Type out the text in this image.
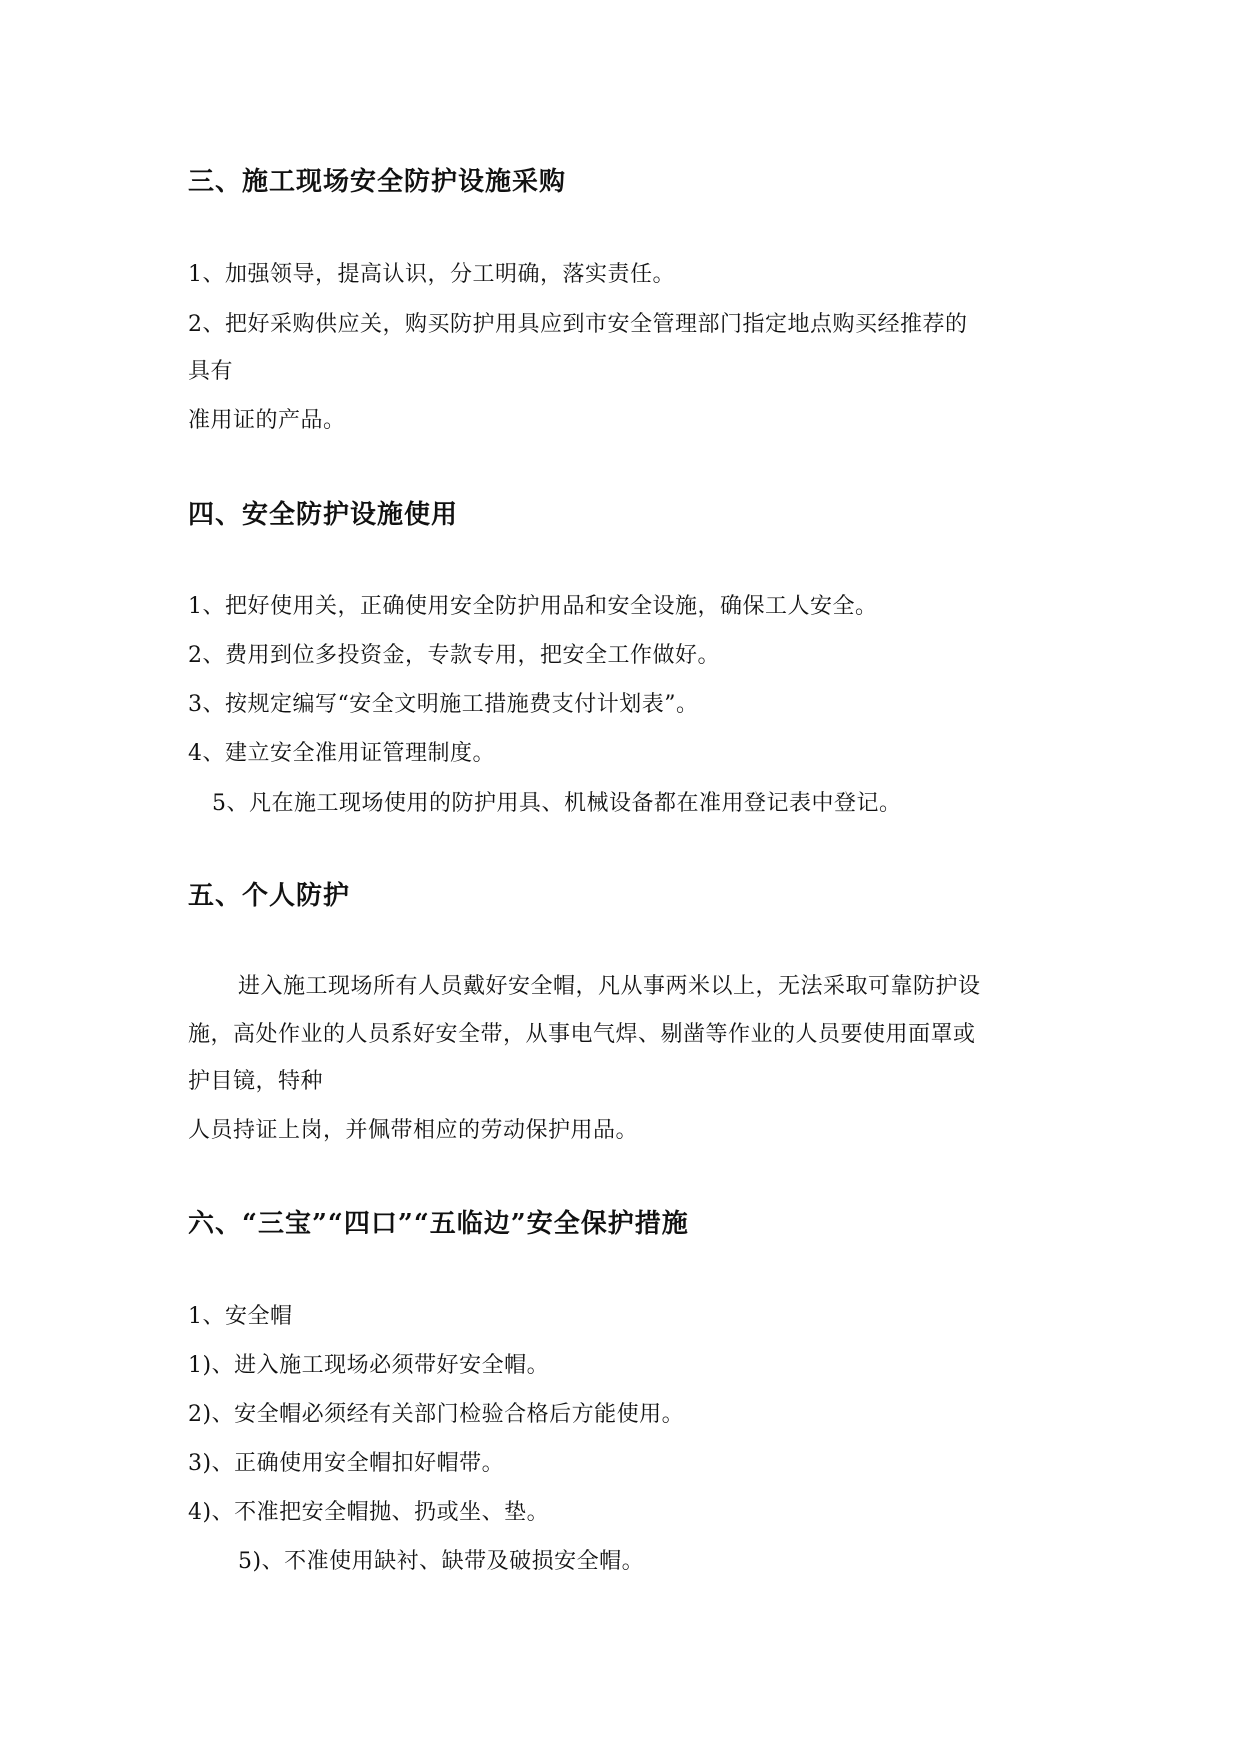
三、施工现场安全防护设施采购
1、加强领导，提高认识，分工明确，落实责任。
2、把好采购供应关，购买防护用具应到市安全管理部门指定地点购买经推荐的
具有
准用证的产品。
四、安全防护设施使用
1、把好使用关，正确使用安全防护用品和安全设施，确保工人安全。
2、费用到位多投资金，专款专用，把安全工作做好。
3、按规定编写“安全文明施工措施费支付计划表”。
4、建立安全准用证管理制度。
5、凡在施工现场使用的防护用具、机械设备都在准用登记表中登记。
五、个人防护
进入施工现场所有人员戴好安全帽，凡从事两米以上，无法采取可靠防护设
施，高处作业的人员系好安全带，从事电气焊、剔凿等作业的人员要使用面罩或
护目镜，特种
人员持证上岗，并佩带相应的劳动保护用品。
六、“三宝”“四口”“五临边”安全保护措施
1、安全帽
1)、进入施工现场必须带好安全帽。
2)、安全帽必须经有关部门检验合格后方能使用。
3)、正确使用安全帽扣好帽带。
4)、不准把安全帽抛、扔或坐、垫。
5)、不准使用缺衬、缺带及破损安全帽。
